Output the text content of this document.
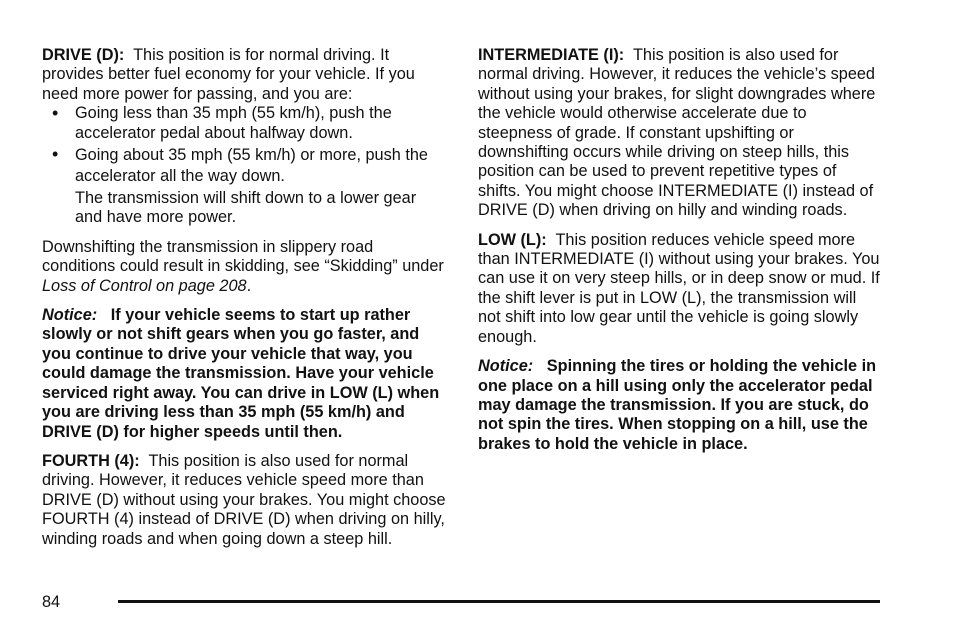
DRIVE (D): This position is for normal driving. It provides better fuel economy for your vehicle. If you need more power for passing, and you are:

• Going less than 35 mph (55 km/h), push the accelerator pedal about halfway down.
• Going about 35 mph (55 km/h) or more, push the accelerator all the way down.

The transmission will shift down to a lower gear and have more power.

Downshifting the transmission in slippery road conditions could result in skidding, see “Skidding” under Loss of Control on page 208.

Notice: If your vehicle seems to start up rather slowly or not shift gears when you go faster, and you continue to drive your vehicle that way, you could damage the transmission. Have your vehicle serviced right away. You can drive in LOW (L) when you are driving less than 35 mph (55 km/h) and DRIVE (D) for higher speeds until then.

FOURTH (4): This position is also used for normal driving. However, it reduces vehicle speed more than DRIVE (D) without using your brakes. You might choose FOURTH (4) instead of DRIVE (D) when driving on hilly, winding roads and when going down a steep hill.

INTERMEDIATE (I): This position is also used for normal driving. However, it reduces the vehicle’s speed without using your brakes, for slight downgrades where the vehicle would otherwise accelerate due to steepness of grade. If constant upshifting or downshifting occurs while driving on steep hills, this position can be used to prevent repetitive types of shifts. You might choose INTERMEDIATE (I) instead of DRIVE (D) when driving on hilly and winding roads.

LOW (L): This position reduces vehicle speed more than INTERMEDIATE (I) without using your brakes. You can use it on very steep hills, or in deep snow or mud. If the shift lever is put in LOW (L), the transmission will not shift into low gear until the vehicle is going slowly enough.

Notice: Spinning the tires or holding the vehicle in one place on a hill using only the accelerator pedal may damage the transmission. If you are stuck, do not spin the tires. When stopping on a hill, use the brakes to hold the vehicle in place.

84
